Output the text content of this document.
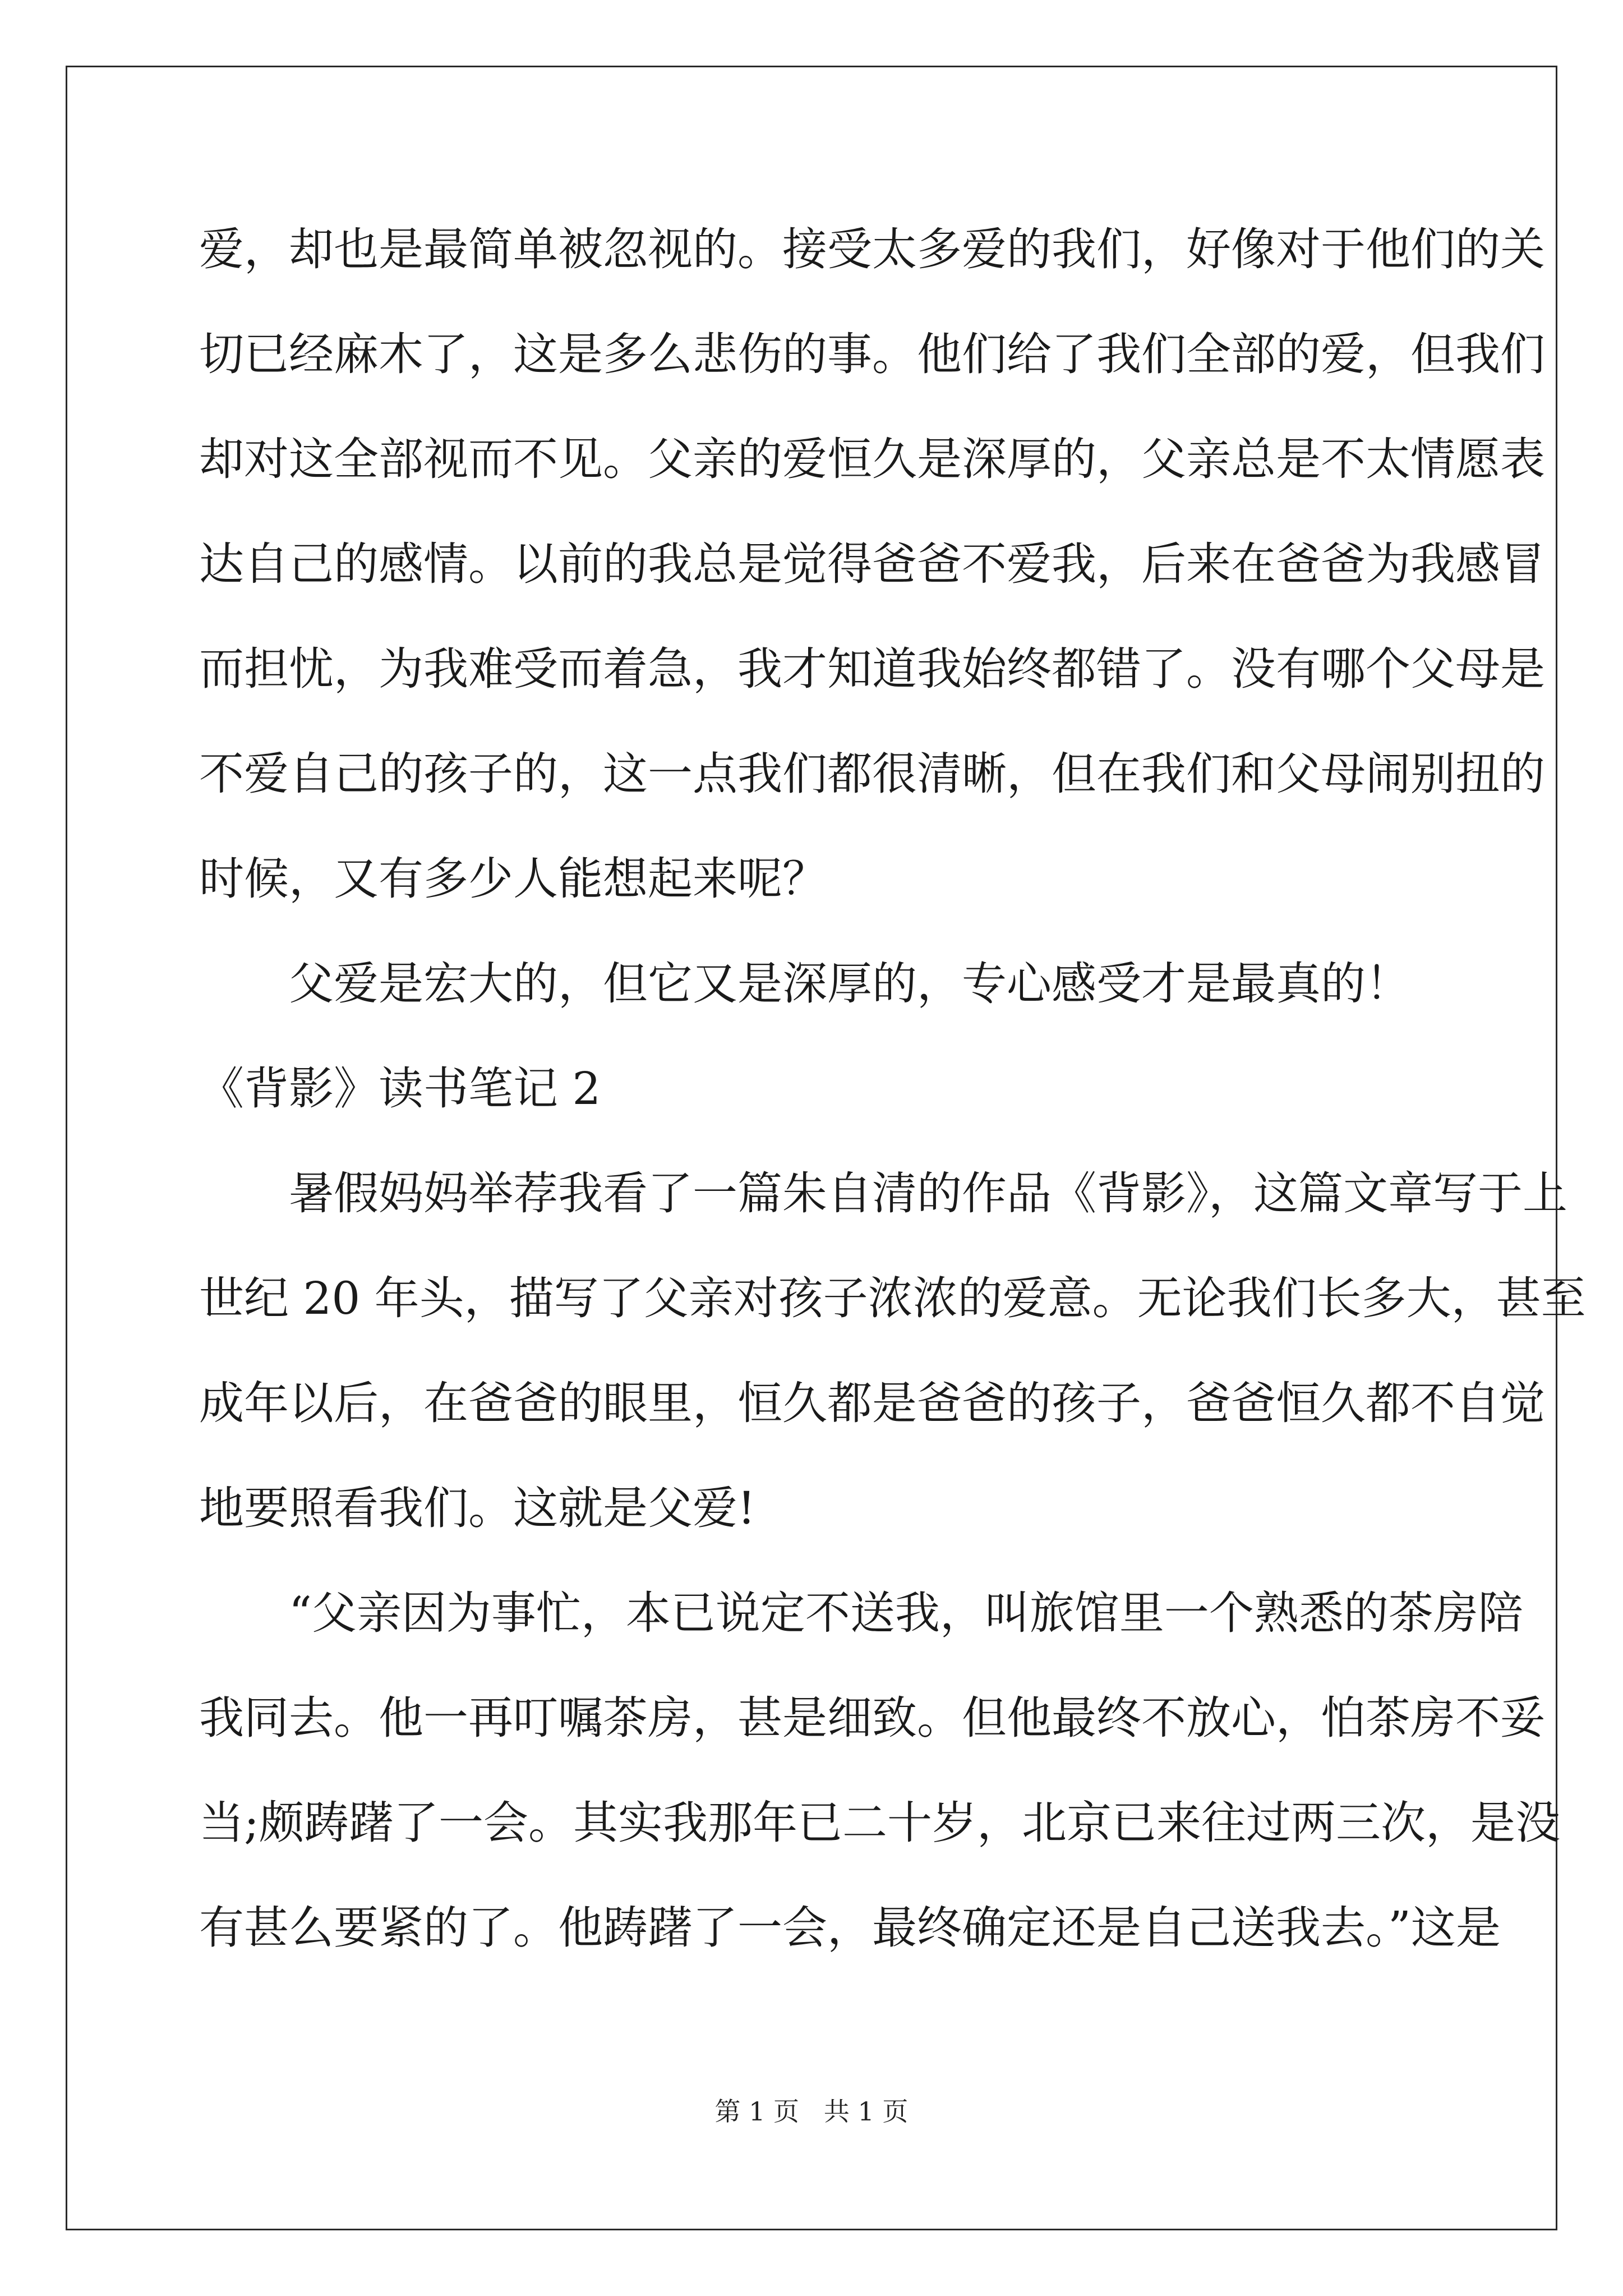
爱，却也是最简单被忽视的。接受太多爱的我们，好像对于他们的关
切已经麻木了，这是多么悲伤的事。他们给了我们全部的爱，但我们
却对这全部视而不见。父亲的爱恒久是深厚的，父亲总是不太情愿表
达自己的感情。以前的我总是觉得爸爸不爱我，后来在爸爸为我感冒
而担忧，为我难受而着急，我才知道我始终都错了。没有哪个父母是
不爱自己的孩子的，这一点我们都很清晰，但在我们和父母闹别扭的
时候，又有多少人能想起来呢？
父爱是宏大的，但它又是深厚的，专心感受才是最真的！
《背影》读书笔记 2
暑假妈妈举荐我看了一篇朱自清的作品《背影》，这篇文章写于上
世纪 20 年头，描写了父亲对孩子浓浓的爱意。无论我们长多大，甚至
成年以后，在爸爸的眼里，恒久都是爸爸的孩子，爸爸恒久都不自觉
地要照看我们。这就是父爱!
“父亲因为事忙，本已说定不送我，叫旅馆里一个熟悉的茶房陪
我同去。他一再叮嘱茶房，甚是细致。但他最终不放心，怕茶房不妥
当;颇踌躇了一会。其实我那年已二十岁，北京已来往过两三次，是没
有甚么要紧的了。他踌躇了一会，最终确定还是自己送我去。”这是
第 1 页   共 1 页
